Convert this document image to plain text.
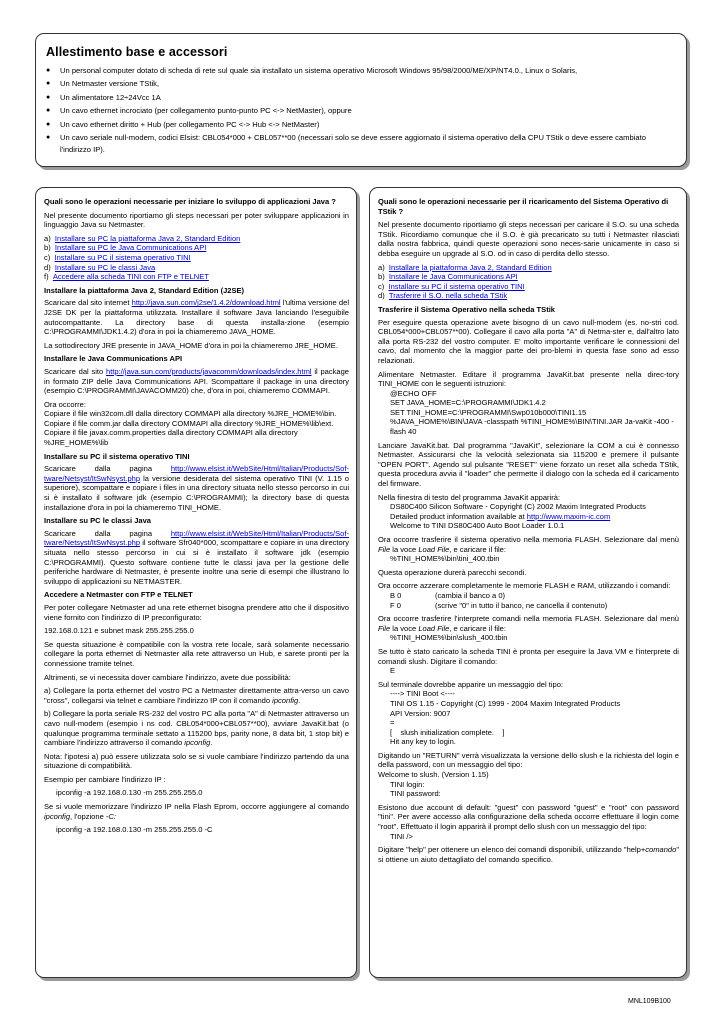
Allestimento base e accessori
● Un personal computer dotato di scheda di rete sul quale sia installato un sistema operativo Microsoft Windows 95/98/2000/ME/XP/NT4.0., Linux o Solaris,
● Un Netmaster versione TStik,
● Un alimentatore 12÷24Vcc 1A
● Un cavo ethernet incrociato (per collegamento punto-punto PC <-> NetMaster), oppure
● Un cavo ethernet diritto + Hub (per collegamento PC <-> Hub <-> NetMaster)
● Un cavo seriale null-modem, codici Elsist: CBL054*000 + CBL057**00 (necessari solo se deve essere aggiornato il sistema operativo della CPU TStik o deve essere cambiato l'indirizzo IP).

Quali sono le operazioni necessarie per iniziare lo sviluppo di applicazioni Java ?

Nel presente documento riportiamo gli steps necessari per poter sviluppare applicazioni in linguaggio Java su Netmaster.

a) Installare su PC la piattaforma Java 2, Standard Edition
b) Installare su PC le Java Communications API
c) Installare su PC il sistema operativo TINI
d) Installare su PC le classi Java
f) Accedere alla scheda TINI con FTP e TELNET

Installare la piattaforma Java 2, Standard Edition (J2SE)

Scaricare dal sito internet http://java.sun.com/j2se/1.4.2/download.html l'ultima versione del J2SE DK per la piattaforma utilizzata. Installare il software Java lanciando l'eseguibile autocompattante. La directory base di questa installa-zione (esempio C:\PROGRAMMI\JDK1.4.2) d'ora in poi la chiameremo JAVA_HOME.

La sottodirectory JRE presente in JAVA_HOME d'ora in poi la chiameremo JRE_HOME.

Installare le Java Communications API

Scaricare dal sito http://java.sun.com/products/javacomm/downloads/index.html il package in formato ZIP delle Java Communications API. Scompattare il package in una directory (esempio C:\PROGRAMMI\JAVACOMM20) che, d'ora in poi, chiameremo COMMAPI.

Ora occorre:
Copiare il file win32com.dll dalla directory COMMAPI alla directory %JRE_HOME%\bin.
Copiare il file comm.jar dalla directory COMMAPI alla directory %JRE_HOME%\lib\ext.
Copiare il file javax.comm.properties dalla directory COMMAPI alla directory %JRE_HOME%\lib

Installare su PC il sistema operativo TINI

Scaricare dalla pagina http://www.elsist.it/WebSite/Html/Italian/Products/Sof-tware/Netsyst/ItSwNsyst.php la versione desiderata del sistema operativo TINI (V. 1.15 o superiore), scompattare e copiare i files in una directory situata nello stesso percorso in cui si è installato il software jdk (esempio C:\PROGRAMMI); la directory base di questa installazione d'ora in poi la chiameremo TINI_HOME.

Installare su PC le classi Java

Scaricare dalla pagina http://www.elsist.it/WebSite/Html/Italian/Products/Sof-tware/Netsyst/ItSwNsyst.php il software Sfr040*000, scompattare e copiare in una directory situata nello stesso percorso in cui si è installato il software jdk (esempio C:\PROGRAMMI). Questo software contiene tutte le classi java per la gestione delle periferiche hardware di Netmaster, è presente inoltre una serie di esempi che illustrano lo sviluppo di applicazioni su NETMASTER.

Accedere a Netmaster con FTP e TELNET

Per poter collegare Netmaster ad una rete ethernet bisogna prendere atto che il dispositivo viene fornito con l'indirizzo di IP preconfigurato:

192.168.0.121 e subnet mask 255.255.255.0

Se questa situazione è compatibile con la vostra rete locale, sarà solamente necessario collegare la porta ethernet di Netmaster alla rete attraverso un Hub, e sarete pronti per la connessione tramite telnet.

Altrimenti, se vi necessita dover cambiare l'indirizzo, avete due possibilità:

a) Collegare la porta ethernet del vostro PC a Netmaster direttamente attra-verso un cavo "cross", collegarsi via telnet e cambiare l'indirizzo IP con il comando ipconfig.

b) Collegare la porta seriale RS-232 del vostro PC alla porta "A" di Netmaster attraverso un cavo null-modem (esempio i ns cod. CBL054*000+CBL057**00), avviare JavaKit.bat (o qualunque programma terminale settato a 115200 bps, parity none, 8 data bit, 1 stop bit) e cambiare l'indirizzo attraverso il comando ipconfig.

Nota: l'ipotesi a) può essere utilizzata solo se si vuole cambiare l'indirizzo partendo da una situazione di compatibilità.

Esempio per cambiare l'indirizzo IP :

ipconfig -a 192.168.0.130 -m 255.255.255.0

Se si vuole memorizzare l'indirizzo IP nella Flash Eprom, occorre aggiungere al comando ipconfig, l'opzione -C:

ipconfig -a 192.168.0.130 -m 255.255.255.0 -C

Quali sono le operazioni necessarie per il ricaricamento del Sistema Operativo di TStik ?

Nel presente documento riportiamo gli steps necessari per caricare il S.O. su una scheda TStik. Ricordiamo comunque che il S.O. è già precaricato su tutti i Netmaster rilasciati dalla nostra fabbrica, quindi queste operazioni sono neces-sarie unicamente in caso si debba eseguire un upgrade al S.O. od in caso di perdita dello stesso.

a) Installare la piattaforma Java 2, Standard Edition
b) Installare le Java Communications API
c) Installare su PC il sistema operativo TINI
d) Trasferire il S.O. nella scheda TStik

Trasferire il Sistema Operativo nella scheda TStik

Per eseguire questa operazione avete bisogno di un cavo null-modem (es. no-stri cod. CBL054*000+CBL057**00). Collegare il cavo alla porta "A" di Netma-ster e, dall'altro lato alla porta RS-232 del vostro computer. E' molto importante verificare le connessioni del cavo, dal momento che la maggior parte dei pro-blemi in questa fase sono ad esso relazionati.

Alimentare Netmaster. Editare il programma JavaKit.bat presente nella direc-tory TINI_HOME con le seguenti istruzioni:

@ECHO OFF
SET JAVA_HOME=C:\PROGRAMMI\JDK1.4.2
SET TINI_HOME=C:\PROGRAMMI\Swp010b000\TINI1.15
%JAVA_HOME%\BIN\JAVA -classpath %TINI_HOME%\BIN\TINI.JAR Ja-vaKit -400 -flash 40

Lanciare JavaKit.bat. Dal programma "JavaKit", selezionare la COM a cui è connesso Netmaster. Assicurarsi che la velocità selezionata sia 115200 e premere il pulsante "OPEN PORT". Agendo sul pulsante "RESET" viene forzato un reset alla scheda TStik, questa procedura avvia il "loader" che permette il dialogo con la scheda ed il caricamento del firmware.

Nella finestra di testo del programma JavaKit apparirà:

DS80C400 Silicon Software - Copyright (C) 2002 Maxim Integrated Products
Detailed product information available at http://www.maxim-ic.com
Welcome to TINI DS80C400 Auto Boot Loader 1.0.1

Ora occorre trasferire il sistema operativo nella memoria FLASH. Selezionare dal menù File la voce Load File, e caricare il file:

%TINI_HOME%\bin\tini_400.tbin

Questa operazione durerà parecchi secondi.

Ora occorre azzerare completamente le memorie FLASH e RAM, utilizzando i comandi:

B 0	(cambia il banco a 0)
F 0	(scrive "0" in tutto il banco, ne cancella il contenuto)

Ora occorre trasferire l'interprete comandi nella memoria FLASH. Selezionare dal menù File la voce Load File, e caricare il file:

%TINI_HOME%\bin\slush_400.tbin

Se tutto è stato caricato la scheda TINI è pronta per eseguire la Java VM e l'interprete di comandi slush. Digitare il comando:

E

Sul terminale dovrebbe apparire un messaggio del tipo:

----> TINI Boot <----
TINI OS 1.15 - Copyright (C) 1999 - 2004 Maxim Integrated Products
API Version: 9007
=
[    slush initialization complete.    ]
Hit any key to login.

Digitando un "RETURN" verrà visualizzata la versione dello slush e la richiesta del login e della password, con un messaggio del tipo:

Welcome to slush. (Version 1.15)
TINI login:
TINI password:

Esistono due account di default: "guest" con password "guest" e "root" con password "tini". Per avere accesso alla configurazione della scheda occorre effettuare il login come "root". Effettuato il login apparirà il prompt dello slush con un messaggio del tipo:

TINI />

Digitare "help" per ottenere un elenco dei comandi disponibili, utilizzando "help+comando" si ottiene un aiuto dettagliato del comando specifico.

MNL109B100
